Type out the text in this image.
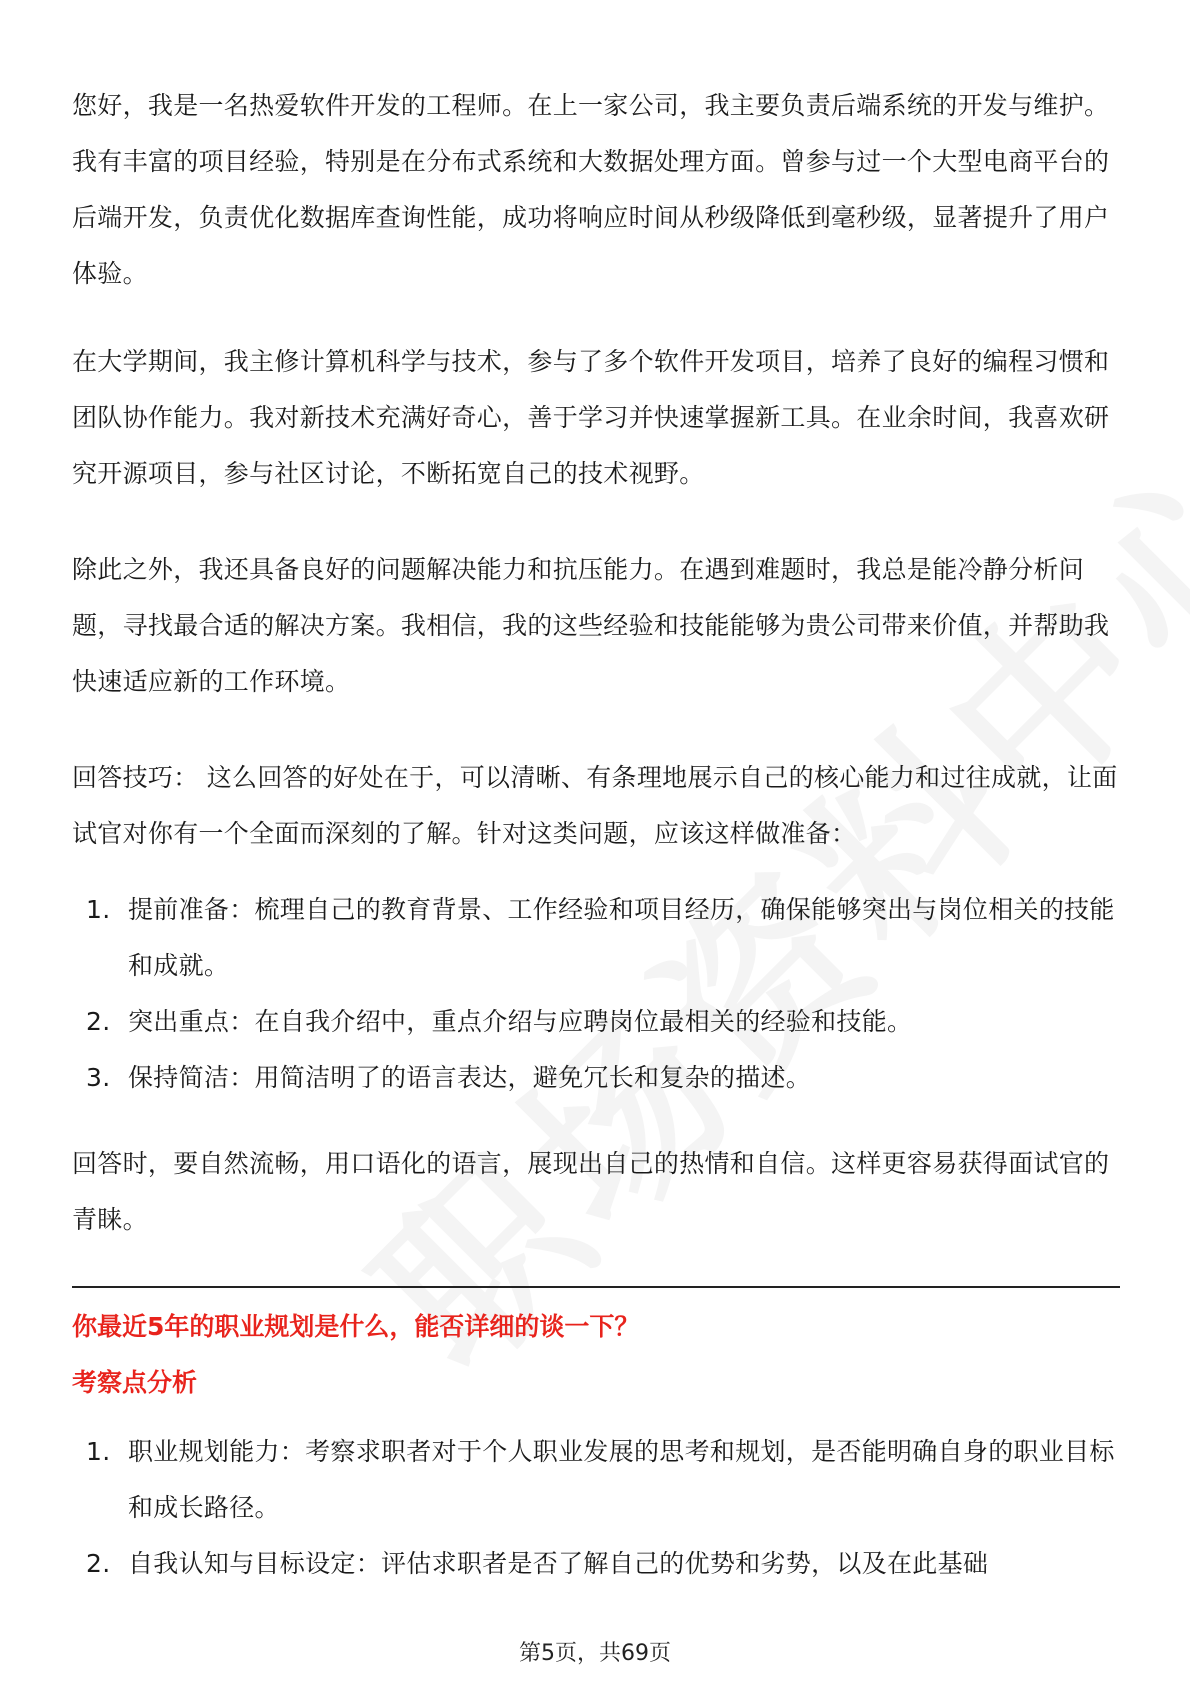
您好，我是一名热爱软件开发的工程师。在上一家公司，我主要负责后端系统的开发与维护。我有丰富的项目经验，特别是在分布式系统和大数据处理方面。曾参与过一个大型电商平台的后端开发，负责优化数据库查询性能，成功将响应时间从秒级降低到毫秒级，显著提升了用户体验。

在大学期间，我主修计算机科学与技术，参与了多个软件开发项目，培养了良好的编程习惯和团队协作能力。我对新技术充满好奇心，善于学习并快速掌握新工具。在业余时间，我喜欢研究开源项目，参与社区讨论，不断拓宽自己的技术视野。

除此之外，我还具备良好的问题解决能力和抗压能力。在遇到难题时，我总是能冷静分析问题，寻找最合适的解决方案。我相信，我的这些经验和技能能够为贵公司带来价值，并帮助我快速适应新的工作环境。

回答技巧： 这么回答的好处在于，可以清晰、有条理地展示自己的核心能力和过往成就，让面试官对你有一个全面而深刻的了解。针对这类问题，应该这样做准备：

1. 提前准备：梳理自己的教育背景、工作经验和项目经历，确保能够突出与岗位相关的技能和成就。
2. 突出重点：在自我介绍中，重点介绍与应聘岗位最相关的经验和技能。
3. 保持简洁：用简洁明了的语言表达，避免冗长和复杂的描述。

回答时，要自然流畅，用口语化的语言，展现出自己的热情和自信。这样更容易获得面试官的青睐。

你最近5年的职业规划是什么，能否详细的谈一下？

考察点分析

1. 职业规划能力：考察求职者对于个人职业发展的思考和规划，是否能明确自身的职业目标和成长路径。
2. 自我认知与目标设定：评估求职者是否了解自己的优势和劣势，以及在此基础
第5页，共69页
